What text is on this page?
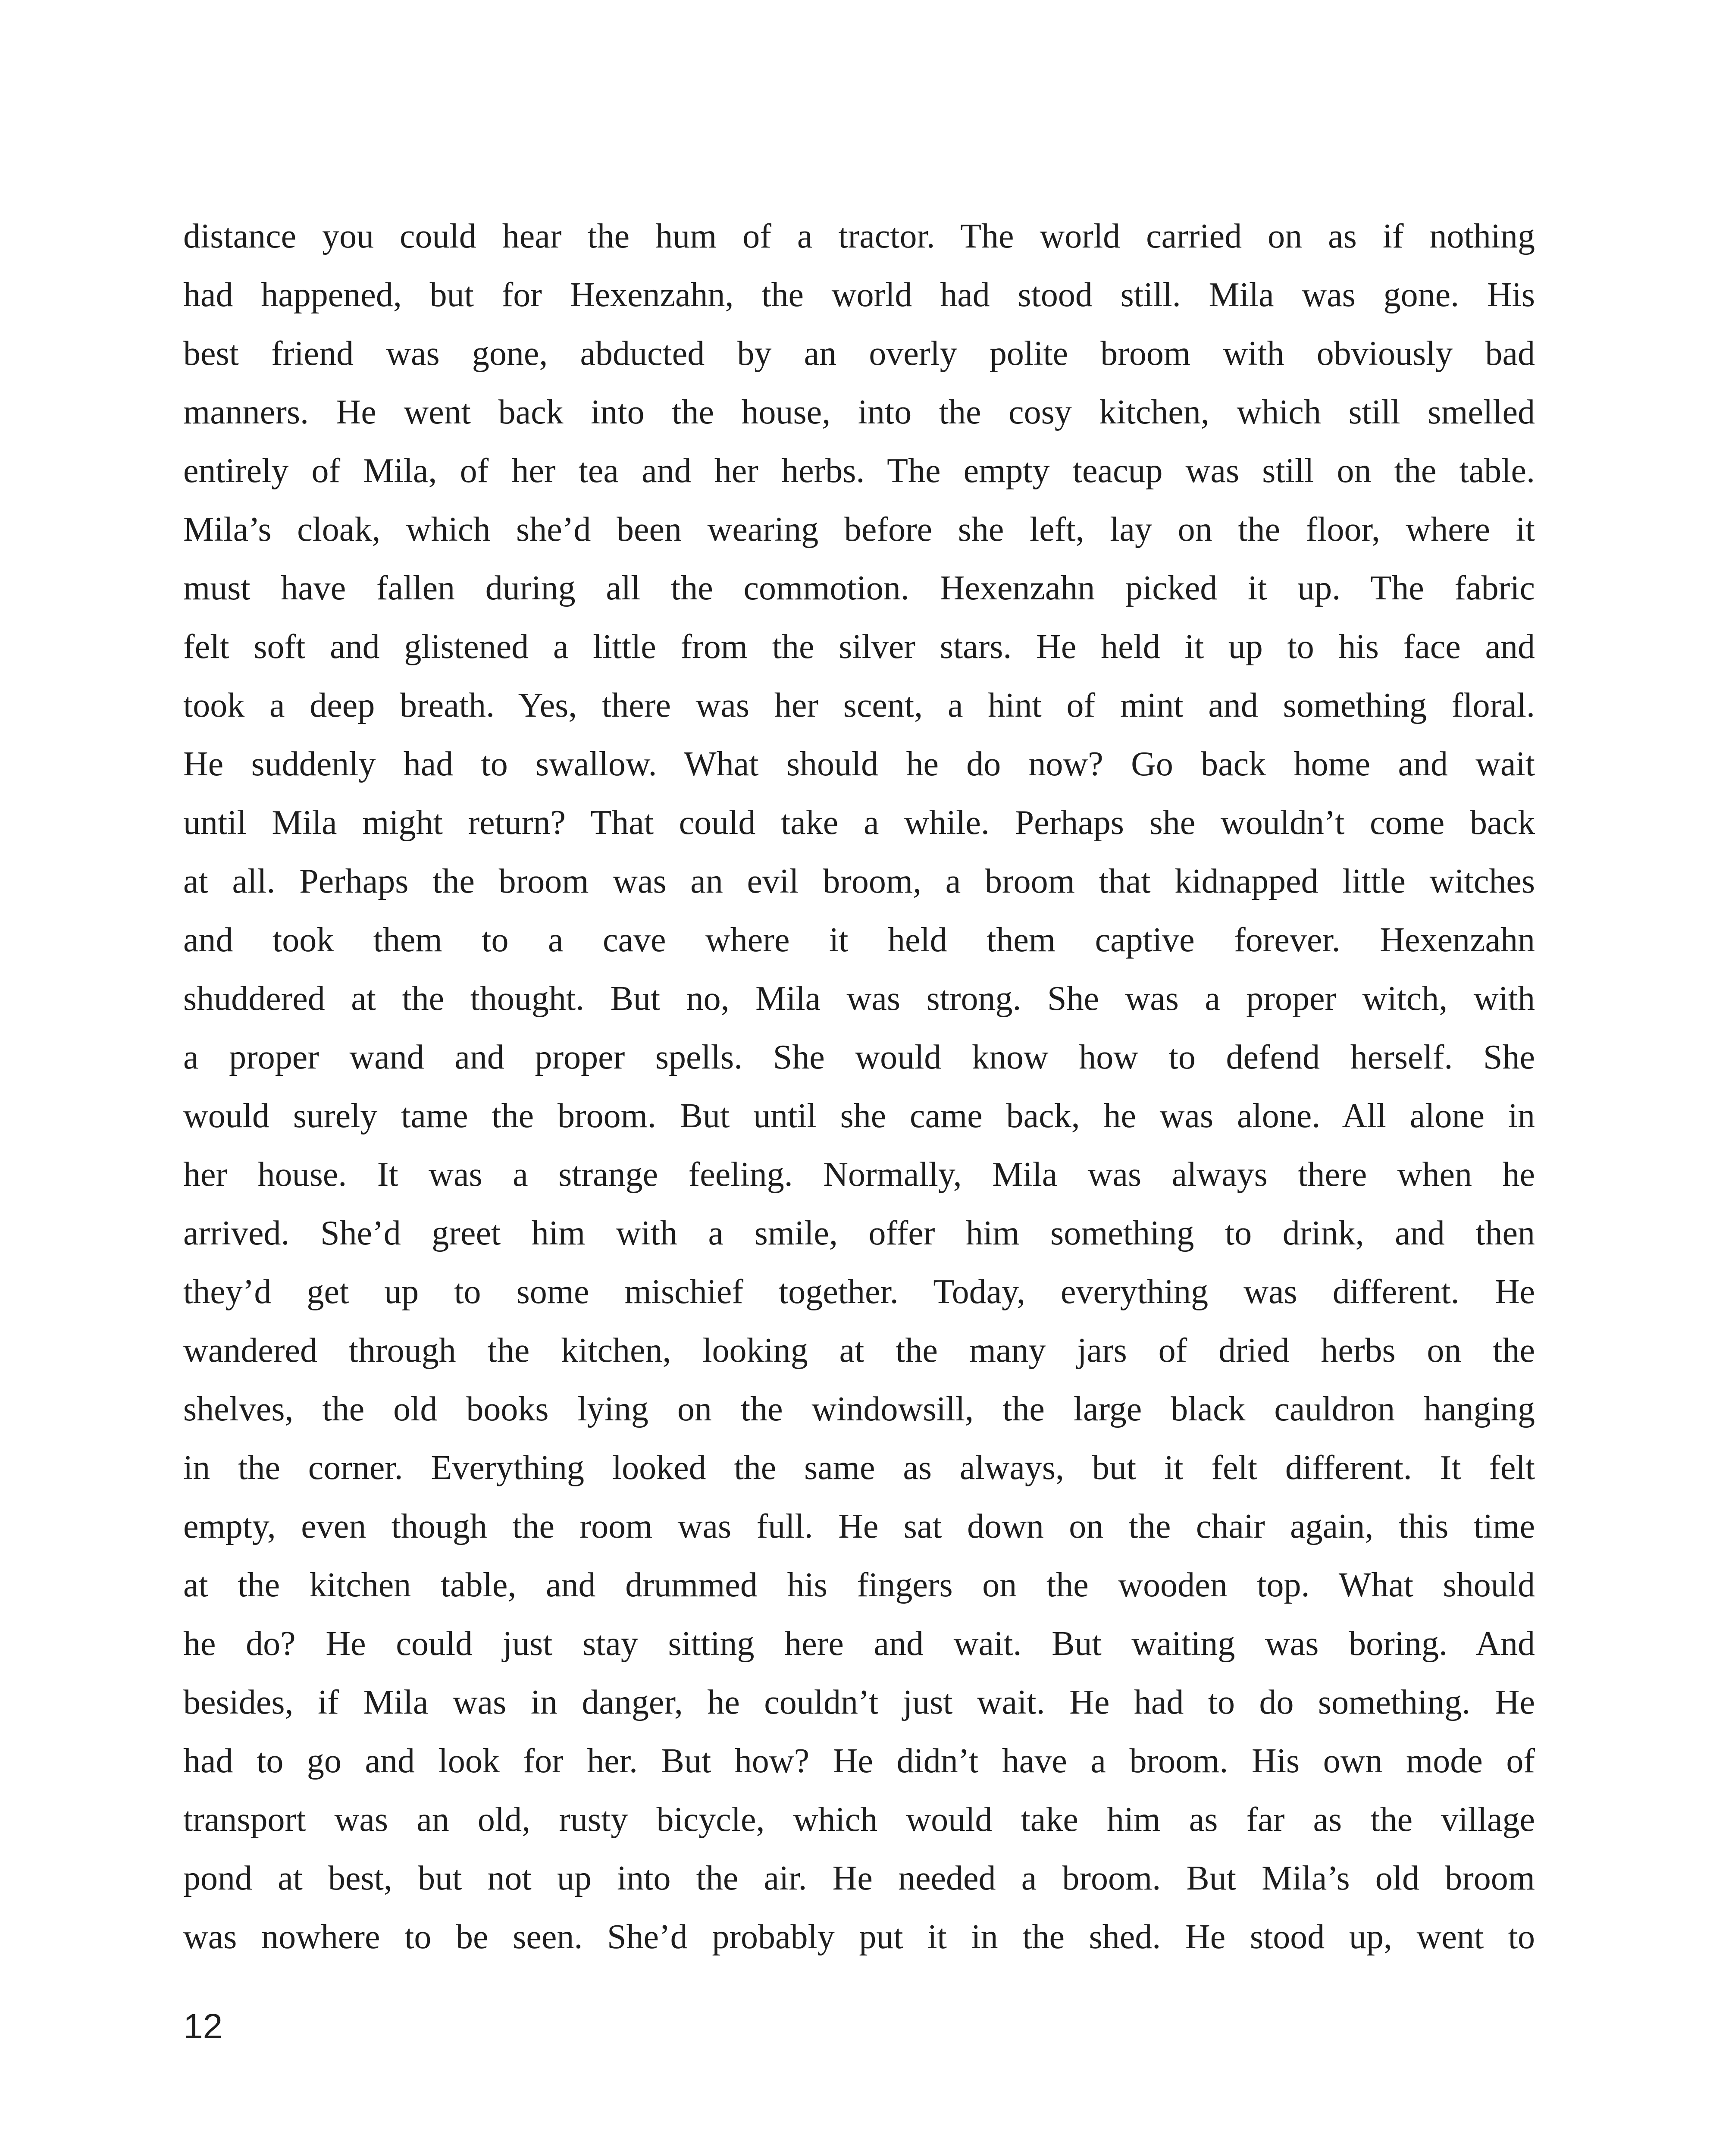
distance you could hear the hum of a tractor. The world carried on as if nothing
had happened, but for Hexenzahn, the world had stood still. Mila was gone. His
best friend was gone, abducted by an overly polite broom with obviously bad
manners. He went back into the house, into the cosy kitchen, which still smelled
entirely of Mila, of her tea and her herbs. The empty teacup was still on the table.
Mila’s cloak, which she’d been wearing before she left, lay on the floor, where it
must have fallen during all the commotion. Hexenzahn picked it up. The fabric
felt soft and glistened a little from the silver stars. He held it up to his face and
took a deep breath. Yes, there was her scent, a hint of mint and something floral.
He suddenly had to swallow. What should he do now? Go back home and wait
until Mila might return? That could take a while. Perhaps she wouldn’t come back
at all. Perhaps the broom was an evil broom, a broom that kidnapped little witches
and took them to a cave where it held them captive forever. Hexenzahn
shuddered at the thought. But no, Mila was strong. She was a proper witch, with
a proper wand and proper spells. She would know how to defend herself. She
would surely tame the broom. But until she came back, he was alone. All alone in
her house. It was a strange feeling. Normally, Mila was always there when he
arrived. She’d greet him with a smile, offer him something to drink, and then
they’d get up to some mischief together. Today, everything was different. He
wandered through the kitchen, looking at the many jars of dried herbs on the
shelves, the old books lying on the windowsill, the large black cauldron hanging
in the corner. Everything looked the same as always, but it felt different. It felt
empty, even though the room was full. He sat down on the chair again, this time
at the kitchen table, and drummed his fingers on the wooden top. What should
he do? He could just stay sitting here and wait. But waiting was boring. And
besides, if Mila was in danger, he couldn’t just wait. He had to do something. He
had to go and look for her. But how? He didn’t have a broom. His own mode of
transport was an old, rusty bicycle, which would take him as far as the village
pond at best, but not up into the air. He needed a broom. But Mila’s old broom
was nowhere to be seen. She’d probably put it in the shed. He stood up, went to
12
